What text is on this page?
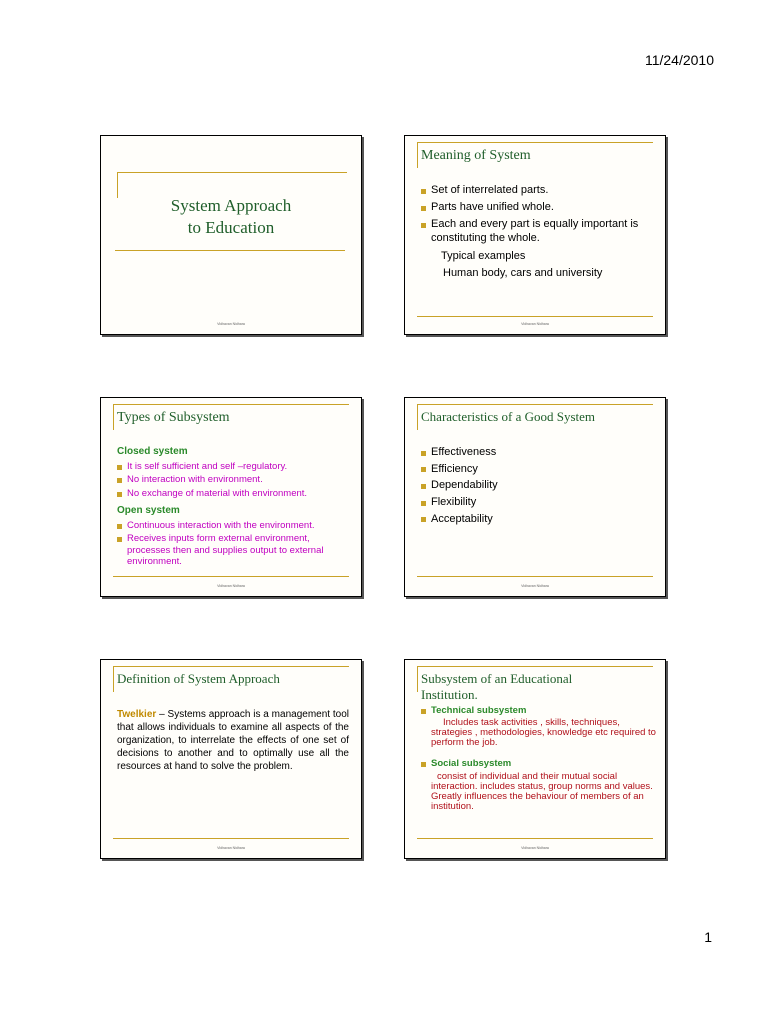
11/24/2010
System Approach
to Education
Vidhavan Nidhara
Meaning of System
Set of interrelated parts.
Parts have unified whole.
Each and every part is equally important is constituting the whole.
Typical examples
Human body, cars and university
Vidhavan Nidhara
Types of Subsystem
Closed system
It is self sufficient and self –regulatory.
No interaction with environment.
No exchange of material with environment.
Open system
Continuous interaction with the environment.
Receives inputs form external environment, processes then and supplies output to external environment.
Vidhavan Nidhara
Characteristics of a Good System
Effectiveness
Efficiency
Dependability
Flexibility
Acceptability
Vidhavan Nidhara
Definition of System Approach
Twelkier – Systems approach is a management tool that allows individuals to examine all aspects of the organization, to interrelate the effects of one set of decisions to another and to optimally use all the resources at hand to solve the problem.
Vidhavan Nidhara
Subsystem of an Educational
Institution.
Technical subsystem
Includes task activities , skills, techniques, strategies , methodologies, knowledge etc required to perform the job.
Social subsystem
consist of individual and their mutual social interaction. includes status, group norms and values. Greatly influences the behaviour of members of an institution.
Vidhavan Nidhara
1
